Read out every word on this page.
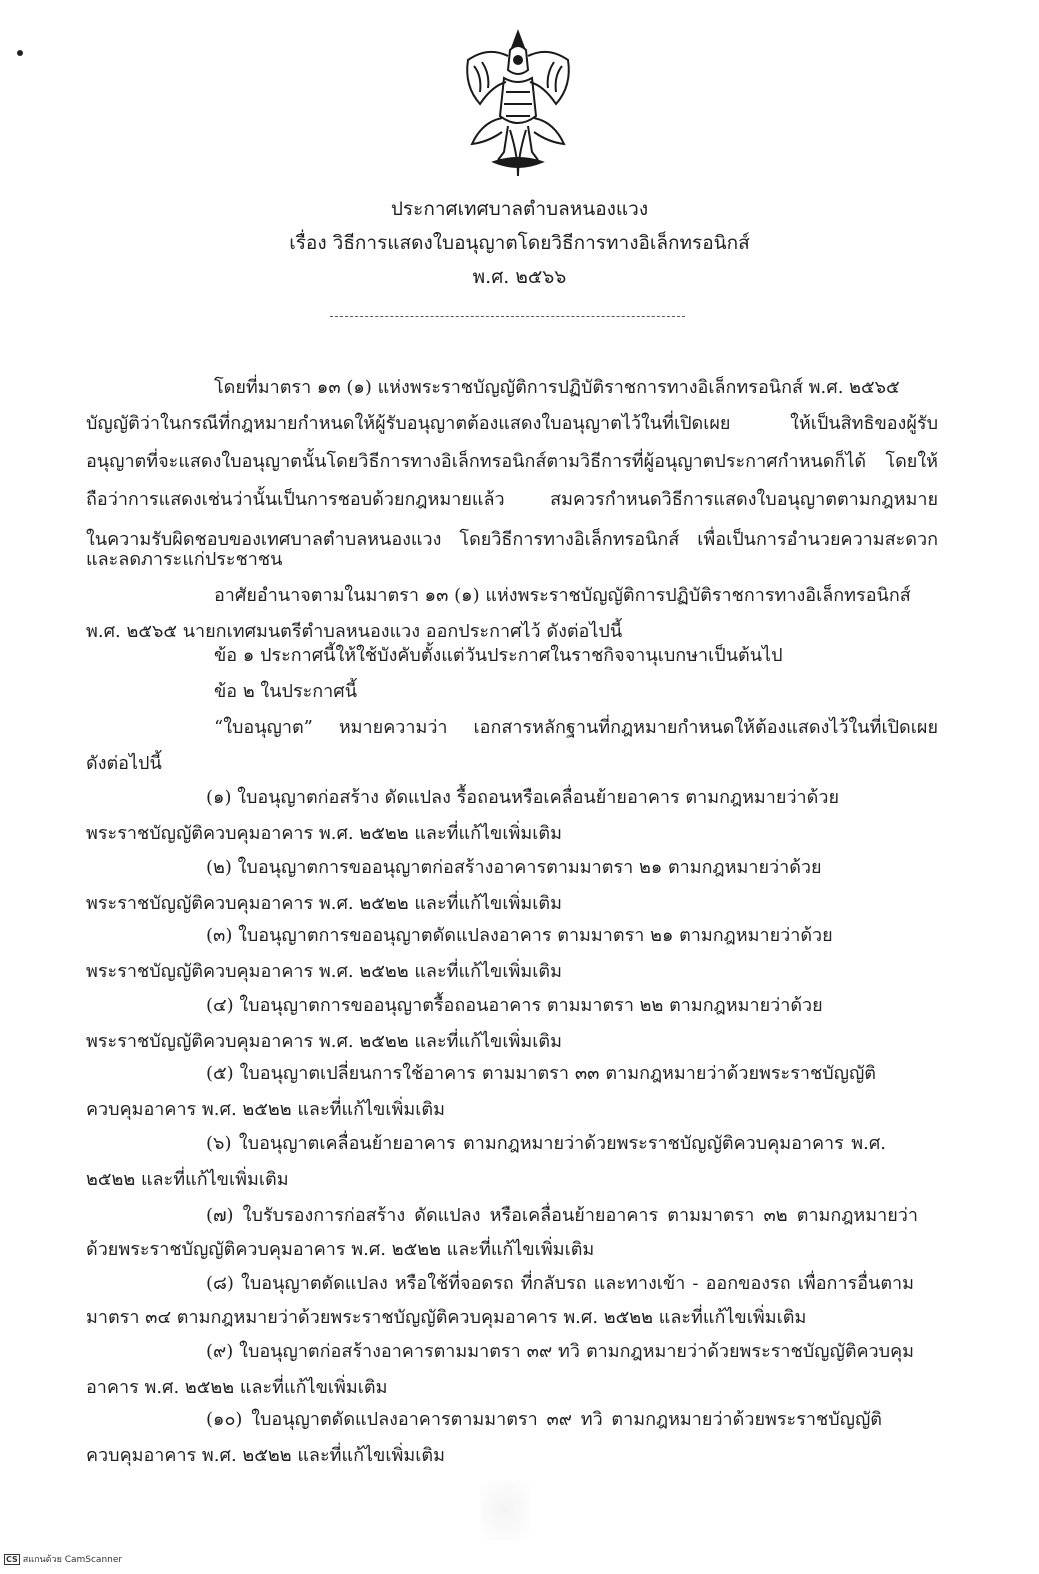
ประกาศเทศบาลตำบลหนองแวง
เรื่อง วิธีการแสดงใบอนุญาตโดยวิธีการทางอิเล็กทรอนิกส์
พ.ศ. ๒๕๖๖
โดยที่มาตรา ๑๓ (๑) แห่งพระราชบัญญัติการปฏิบัติราชการทางอิเล็กทรอนิกส์ พ.ศ. ๒๕๖๕
บัญญัติว่าในกรณีที่กฎหมายกำหนดให้ผู้รับอนุญาตต้องแสดงใบอนุญาตไว้ในที่เปิดเผย ให้เป็นสิทธิของผู้รับ
อนุญาตที่จะแสดงใบอนุญาตนั้นโดยวิธีการทางอิเล็กทรอนิกส์ตามวิธีการที่ผู้อนุญาตประกาศกำหนดก็ได้ โดยให้
ถือว่าการแสดงเช่นว่านั้นเป็นการชอบด้วยกฎหมายแล้ว สมควรกำหนดวิธีการแสดงใบอนุญาตตามกฎหมาย
ในความรับผิดชอบของเทศบาลตำบลหนองแวง โดยวิธีการทางอิเล็กทรอนิกส์ เพื่อเป็นการอำนวยความสะดวก
และลดภาระแก่ประชาชน
อาศัยอำนาจตามในมาตรา ๑๓ (๑) แห่งพระราชบัญญัติการปฏิบัติราชการทางอิเล็กทรอนิกส์
พ.ศ. ๒๕๖๕ นายกเทศมนตรีตำบลหนองแวง ออกประกาศไว้ ดังต่อไปนี้
ข้อ ๑ ประกาศนี้ให้ใช้บังคับตั้งแต่วันประกาศในราชกิจจานุเบกษาเป็นต้นไป
ข้อ ๒ ในประกาศนี้
“ใบอนุญาต” หมายความว่า เอกสารหลักฐานที่กฎหมายกำหนดให้ต้องแสดงไว้ในที่เปิดเผย
ดังต่อไปนี้
(๑) ใบอนุญาตก่อสร้าง ดัดแปลง รื้อถอนหรือเคลื่อนย้ายอาคาร ตามกฎหมายว่าด้วย
พระราชบัญญัติควบคุมอาคาร พ.ศ. ๒๕๒๒ และที่แก้ไขเพิ่มเติม
(๒) ใบอนุญาตการขออนุญาตก่อสร้างอาคารตามมาตรา ๒๑ ตามกฎหมายว่าด้วย
พระราชบัญญัติควบคุมอาคาร พ.ศ. ๒๕๒๒ และที่แก้ไขเพิ่มเติม
(๓) ใบอนุญาตการขออนุญาตดัดแปลงอาคาร ตามมาตรา ๒๑ ตามกฎหมายว่าด้วย
พระราชบัญญัติควบคุมอาคาร พ.ศ. ๒๕๒๒ และที่แก้ไขเพิ่มเติม
(๔) ใบอนุญาตการขออนุญาตรื้อถอนอาคาร ตามมาตรา ๒๒ ตามกฎหมายว่าด้วย
พระราชบัญญัติควบคุมอาคาร พ.ศ. ๒๕๒๒ และที่แก้ไขเพิ่มเติม
(๕) ใบอนุญาตเปลี่ยนการใช้อาคาร ตามมาตรา ๓๓ ตามกฎหมายว่าด้วยพระราชบัญญัติ
ควบคุมอาคาร พ.ศ. ๒๕๒๒ และที่แก้ไขเพิ่มเติม
(๖) ใบอนุญาตเคลื่อนย้ายอาคาร ตามกฎหมายว่าด้วยพระราชบัญญัติควบคุมอาคาร พ.ศ.
๒๕๒๒ และที่แก้ไขเพิ่มเติม
(๗) ใบรับรองการก่อสร้าง ดัดแปลง หรือเคลื่อนย้ายอาคาร ตามมาตรา ๓๒ ตามกฎหมายว่า
ด้วยพระราชบัญญัติควบคุมอาคาร พ.ศ. ๒๕๒๒ และที่แก้ไขเพิ่มเติม
(๘) ใบอนุญาตดัดแปลง หรือใช้ที่จอดรถ ที่กลับรถ และทางเข้า - ออกของรถ เพื่อการอื่นตาม
มาตรา ๓๔ ตามกฎหมายว่าด้วยพระราชบัญญัติควบคุมอาคาร พ.ศ. ๒๕๒๒ และที่แก้ไขเพิ่มเติม
(๙) ใบอนุญาตก่อสร้างอาคารตามมาตรา ๓๙ ทวิ ตามกฎหมายว่าด้วยพระราชบัญญัติควบคุม
อาคาร พ.ศ. ๒๕๒๒ และที่แก้ไขเพิ่มเติม
(๑๐) ใบอนุญาตดัดแปลงอาคารตามมาตรา ๓๙ ทวิ ตามกฎหมายว่าด้วยพระราชบัญญัติ
ควบคุมอาคาร พ.ศ. ๒๕๒๒ และที่แก้ไขเพิ่มเติม
CS สแกนด้วย CamScanner
